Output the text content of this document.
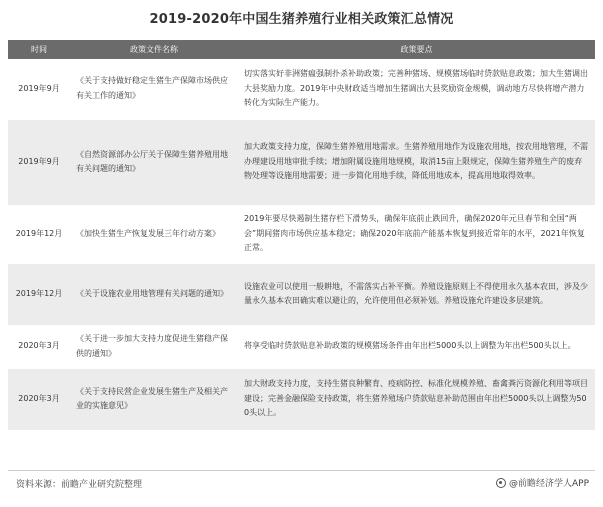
2019-2020年中国生猪养殖行业相关政策汇总情况
时间	政策文件名称	政策要点
2019年9月	《关于支持做好稳定生猪生产保障市场供应有关工作的通知》	切实落实好非洲猪瘟强制扑杀补助政策；完善种猪场、规模猪场临时贷款贴息政策；加大生猪调出大县奖励力度。2019年中央财政适当增加生猪调出大县奖励资金规模，调动地方尽快将增产潜力转化为实际生产能力。
2019年9月	《自然资源部办公厅关于保障生猪养殖用地有关问题的通知》	加大政策支持力度，保障生猪养殖用地需求。生猪养殖用地作为设施农用地，按农用地管理，不需办理建设用地审批手续；增加附属设施用地规模，取消15亩上限规定，保障生猪养殖生产的废弃物处理等设施用地需要；进一步简化用地手续，降低用地成本，提高用地取得效率。
2019年12月	《加快生猪生产恢复发展三年行动方案》	2019年要尽快遏制生猪存栏下滑势头，确保年底前止跌回升，确保2020年元旦春节和全国“两会”期间猪肉市场供应基本稳定；确保2020年底前产能基本恢复到接近常年的水平，2021年恢复正常。
2019年12月	《关于设施农业用地管理有关问题的通知》	设施农业可以使用一般耕地，不需落实占补平衡。养殖设施原则上不得使用永久基本农田，涉及少量永久基本农田确实难以避让的，允许使用但必须补划。养殖设施允许建设多层建筑。
2020年3月	《关于进一步加大支持力度促进生猪稳产保供的通知》	将享受临时贷款贴息补助政策的规模猪场条件由年出栏5000头以上调整为年出栏500头以上。
2020年3月	《关于支持民营企业发展生猪生产及相关产业的实施意见》	加大财政支持力度，支持生猪良种繁育、疫病防控、标准化规模养殖、畜禽粪污资源化利用等项目建设；完善金融保险支持政策，将生猪养殖场户贷款贴息补助范围由年出栏5000头以上调整为500头以上。
资料来源：前瞻产业研究院整理	@前瞻经济学人APP
